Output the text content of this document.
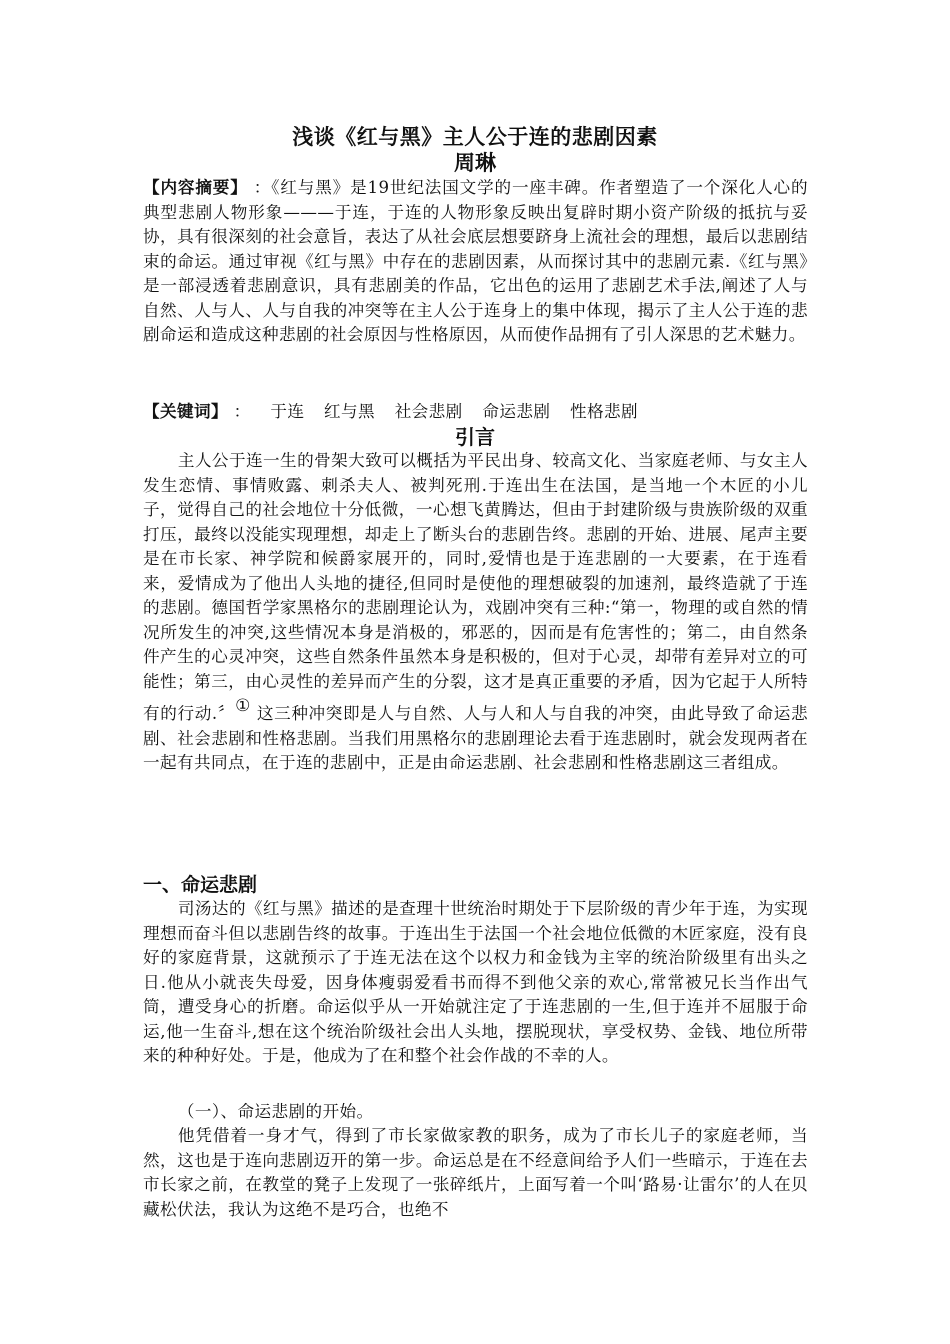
浅谈《红与黑》主人公于连的悲剧因素
周琳
【内容摘要】 ：《红与黑》是19世纪法国文学的一座丰碑。作者塑造了一个深化人心的典型悲剧人物形象———于连，于连的人物形象反映出复辟时期小资产阶级的抵抗与妥协，具有很深刻的社会意旨，表达了从社会底层想要跻身上流社会的理想，最后以悲剧结束的命运。通过审视《红与黑》中存在的悲剧因素，从而探讨其中的悲剧元素.《红与黑》是一部浸透着悲剧意识，具有悲剧美的作品，它出色的运用了悲剧艺术手法,阐述了人与自然、人与人、人与自我的冲突等在主人公于连身上的集中体现，揭示了主人公于连的悲剧命运和造成这种悲剧的社会原因与性格原因，从而使作品拥有了引人深思的艺术魅力。
【关键词】 ： 于连 红与黑 社会悲剧 命运悲剧 性格悲剧
引言
主人公于连一生的骨架大致可以概括为平民出身、较高文化、当家庭老师、与女主人发生恋情、事情败露、刺杀夫人、被判死刑.于连出生在法国，是当地一个木匠的小儿子，觉得自己的社会地位十分低微，一心想飞黄腾达，但由于封建阶级与贵族阶级的双重打压，最终以没能实现理想，却走上了断头台的悲剧告终。悲剧的开始、进展、尾声主要是在市长家、神学院和候爵家展开的，同时,爱情也是于连悲剧的一大要素，在于连看来，爱情成为了他出人头地的捷径,但同时是使他的理想破裂的加速剂，最终造就了于连的悲剧。德国哲学家黑格尔的悲剧理论认为，戏剧冲突有三种:“第一，物理的或自然的情况所发生的冲突,这些情况本身是消极的，邪恶的，因而是有危害性的；第二，由自然条件产生的心灵冲突，这些自然条件虽然本身是积极的，但对于心灵，却带有差异对立的可能性；第三，由心灵性的差异而产生的分裂，这才是真正重要的矛盾，因为它起于人所特有的行动.〞① 这三种冲突即是人与自然、人与人和人与自我的冲突，由此导致了命运悲剧、社会悲剧和性格悲剧。当我们用黑格尔的悲剧理论去看于连悲剧时，就会发现两者在一起有共同点，在于连的悲剧中，正是由命运悲剧、社会悲剧和性格悲剧这三者组成。
一、命运悲剧
司汤达的《红与黑》描述的是查理十世统治时期处于下层阶级的青少年于连，为实现理想而奋斗但以悲剧告终的故事。于连出生于法国一个社会地位低微的木匠家庭，没有良好的家庭背景，这就预示了于连无法在这个以权力和金钱为主宰的统治阶级里有出头之日.他从小就丧失母爱，因身体瘦弱爱看书而得不到他父亲的欢心,常常被兄长当作出气筒，遭受身心的折磨。命运似乎从一开始就注定了于连悲剧的一生,但于连并不屈服于命运,他一生奋斗,想在这个统治阶级社会出人头地，摆脱现状，享受权势、金钱、地位所带来的种种好处。于是，他成为了在和整个社会作战的不幸的人。
（一）、命运悲剧的开始。
他凭借着一身才气，得到了市长家做家教的职务，成为了市长儿子的家庭老师，当然，这也是于连向悲剧迈开的第一步。命运总是在不经意间给予人们一些暗示，于连在去市长家之前，在教堂的凳子上发现了一张碎纸片，上面写着一个叫‘路易·让雷尔’的人在贝藏松伏法，我认为这绝不是巧合，也绝不
